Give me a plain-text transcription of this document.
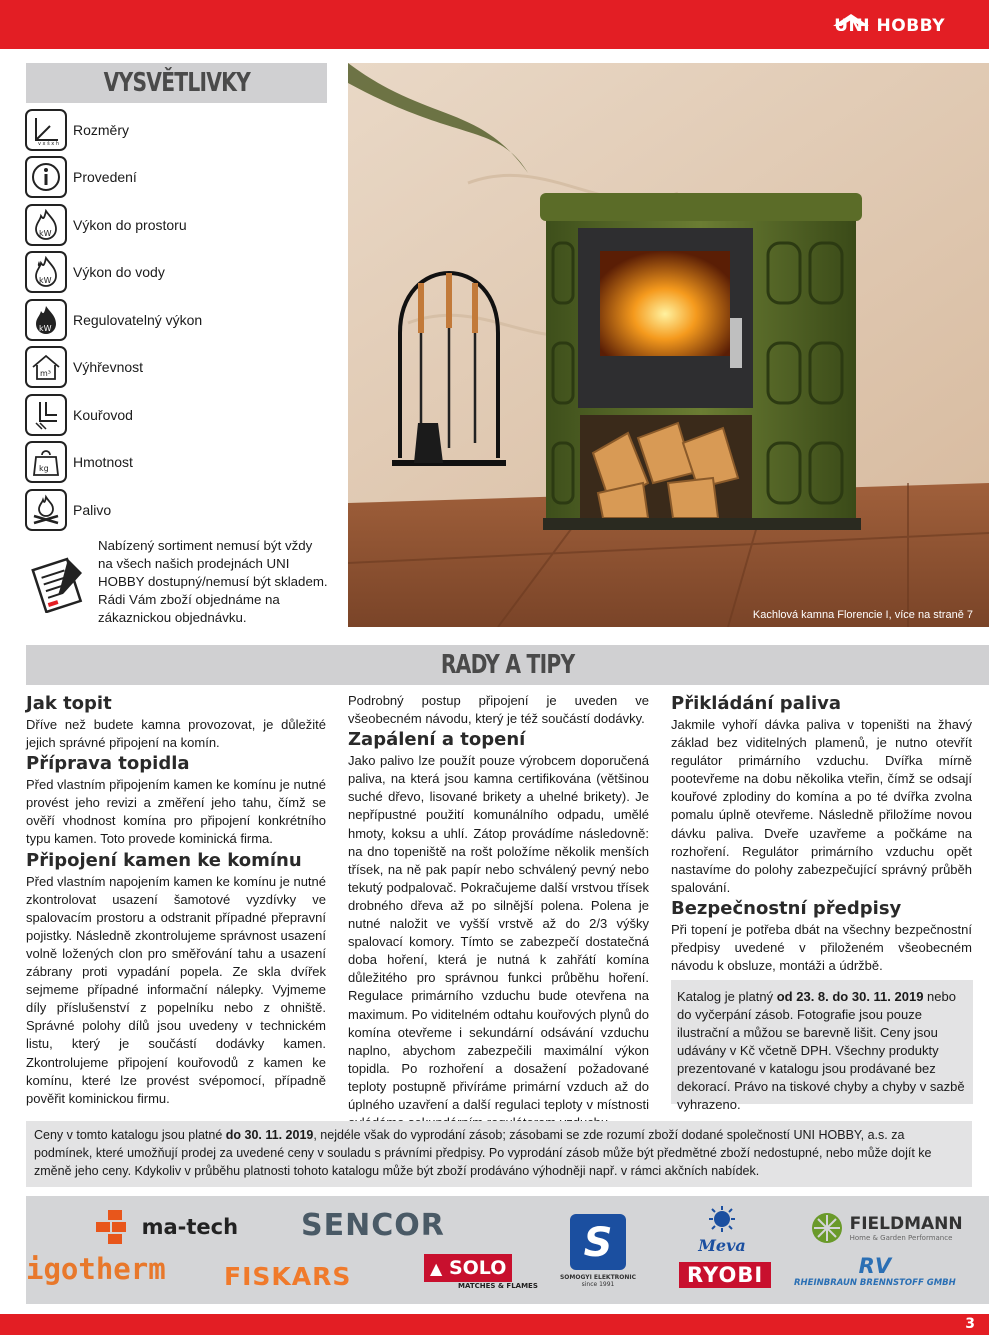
UNI HOBBY
VYSVĚTLIVKY
v x š x h
Rozměry
Provedení
kW
Výkon do prostoru
kW
Výkon do vody
kW
Regulovatelný výkon
m³ Výhřevnost
Kouřovod
kg Hmotnost
Palivo
Nabízený sortiment nemusí být vždy na všech našich prodejnách UNI HOBBY dostupný/nemusí být skladem. Rádi Vám zboží objednáme na zákaznickou objednávku.	Kachlová kamna Florencie I, více na straně 7
RADY A TIPY
Jak topit

Dříve než budete kamna provozovat, je důležité jejich správné připojení na komín.

Příprava topidla

Před vlastním připojením kamen ke komínu je nutné provést jeho revizi a změření jeho tahu, čímž se ověří vhodnost komína pro připojení konkrétního typu kamen. Toto provede kominická firma.

Připojení kamen ke komínu

Před vlastním napojením kamen ke komínu je nutné zkontrolovat usazení šamotové vyzdívky ve spalovacím prostoru a odstranit případné přepravní pojistky. Následně zkontrolujeme správnost usazení volně ložených clon pro směřování tahu a usazení zábrany proti vypadání popela. Ze skla dvířek sejmeme případné informační nálepky. Vyjmeme díly příslušenství z popelníku nebo z ohniště. Správné polohy dílů jsou uvedeny v technickém listu, který je součástí dodávky kamen. Zkontrolujeme připojení kouřovodů z kamen ke komínu, které lze provést svépomocí, případně pověřit kominickou firmu.

Podrobný postup připojení je uveden ve všeobecném návodu, který je též součástí dodávky.

Zapálení a topení

Jako palivo lze použít pouze výrobcem doporučená paliva, na která jsou kamna certifikována (většinou suché dřevo, lisované brikety a uhelné brikety). Je nepřípustné použití komunálního odpadu, umělé hmoty, koksu a uhlí. Zátop provádíme následovně: na dno topeniště na rošt položíme několik menších třísek, na ně pak papír nebo schválený pevný nebo tekutý podpalovač. Pokračujeme další vrstvou třísek drobného dřeva až po silnější polena. Polena je nutné naložit ve vyšší vrstvě až do 2/3 výšky spalovací komory. Tímto se zabezpečí dostatečná doba hoření, která je nutná k zahřátí komína důležitého pro správnou funkci průběhu hoření. Regulace primárního vzduchu bude otevřena na maximum. Po viditelném odtahu kouřových plynů do komína otevřeme i sekundární odsávání vzduchu naplno, abychom zabezpečili maximální výkon topidla. Po rozhoření a dosažení požadované teploty postupně přivíráme primární vzduch až do úplného uzavření a další regulaci teploty v místnosti

Přikládání paliva

Jakmile vyhoří dávka paliva v topeništi na žhavý základ bez viditelných plamenů, je nutno otevřít regulátor primárního vzduchu. Dvířka mírně pootevřeme na dobu několika vteřin, čímž se odsají kouřové zplodiny do komína a po té dvířka zvolna pomalu úplně otevřeme. Následně přiložíme novou dávku paliva. Dveře uzavřeme a počkáme na rozhoření. Regulátor primárního vzduchu opět nastavíme do polohy zabezpečující správný průběh spalování.

Bezpečnostní předpisy

Při topení je potřeba dbát na všechny bezpečnostní předpisy uvedené v přiloženém všeobecném návodu k obsluze, montáži a údržbě.

Katalog je platný od 23. 8. do 30. 11. 2019 nebo do vyčerpání zásob. Fotografie jsou pouze ilustrační a můžou se barevně lišit. Ceny jsou udávány v Kč včetně DPH. Všechny produkty prezentované v katalogu jsou prodávané bez dekorací. Právo na tiskové chyby a chyby v sazbě vyhrazeno.
Ceny v tomto katalogu jsou platné do 30. 11. 2019, nejdéle však do vyprodání zásob; zásobami se zde rozumí zboží dodané společností UNI HOBBY, a.s. za podmínek, které umožňují prodej za uvedené ceny v souladu s právními předpisy. Po vyprodání zásob může být předmětné zboží nedostupné, nebo může dojít ke změně jeho ceny. Kdykoliv v průběhu platnosti tohoto katalogu může být zboží prodáváno výhodněji např. v rámci akčních nabídek.
ma-tech SENCOR
Meva

FIELDMANN
Home & Garden Performance
igotherm FISKARS	▲ SOLO
MATCHES & FLAMES
S
SOMOGYI ELEKTRONIC
since 1991	RYOBI	RV
RHEINBRAUN BRENNSTOFF GMBH
3
